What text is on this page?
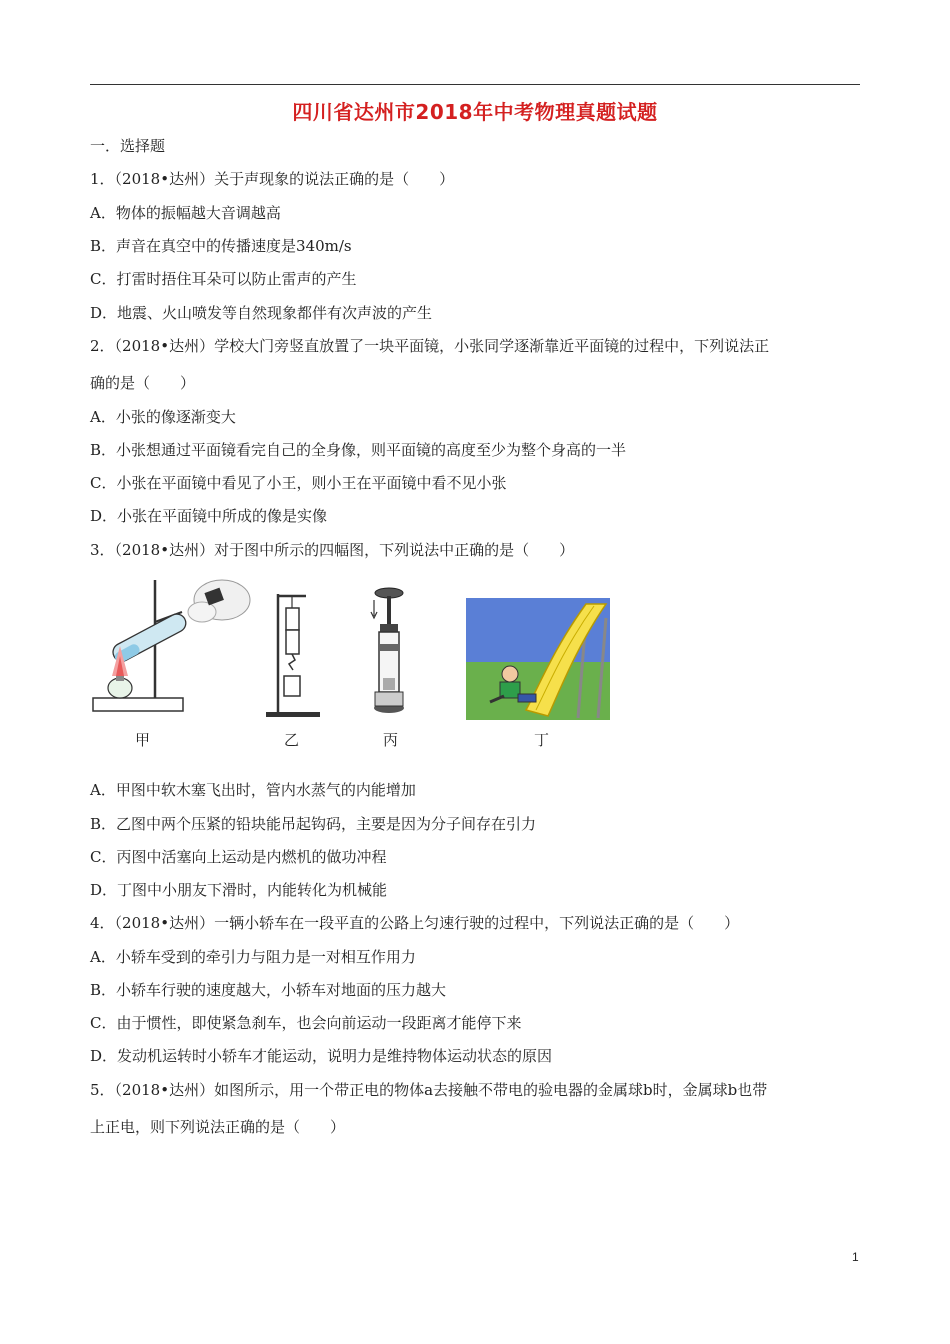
四川省达州市2018年中考物理真题试题
一．选择题
1．（2018•达州）关于声现象的说法正确的是（　　）
A．物体的振幅越大音调越高
B．声音在真空中的传播速度是340m/s
C．打雷时捂住耳朵可以防止雷声的产生
D．地震、火山喷发等自然现象都伴有次声波的产生
2．（2018•达州）学校大门旁竖直放置了一块平面镜，小张同学逐渐靠近平面镜的过程中，下列说法正
确的是（　　）
A．小张的像逐渐变大
B．小张想通过平面镜看完自己的全身像，则平面镜的高度至少为整个身高的一半
C．小张在平面镜中看见了小王，则小王在平面镜中看不见小张
D．小张在平面镜中所成的像是实像
3．（2018•达州）对于图中所示的四幅图，下列说法中正确的是（　　）
甲	乙	丙	丁
A．甲图中软木塞飞出时，管内水蒸气的内能增加
B．乙图中两个压紧的铅块能吊起钩码，主要是因为分子间存在引力
C．丙图中活塞向上运动是内燃机的做功冲程
D．丁图中小朋友下滑时，内能转化为机械能
4．（2018•达州）一辆小轿车在一段平直的公路上匀速行驶的过程中，下列说法正确的是（　　）
A．小轿车受到的牵引力与阻力是一对相互作用力
B．小轿车行驶的速度越大，小轿车对地面的压力越大
C．由于惯性，即使紧急刹车，也会向前运动一段距离才能停下来
D．发动机运转时小轿车才能运动，说明力是维持物体运动状态的原因
5．（2018•达州）如图所示，用一个带正电的物体a去接触不带电的验电器的金属球b时，金属球b也带
上正电，则下列说法正确的是（　　）
1
